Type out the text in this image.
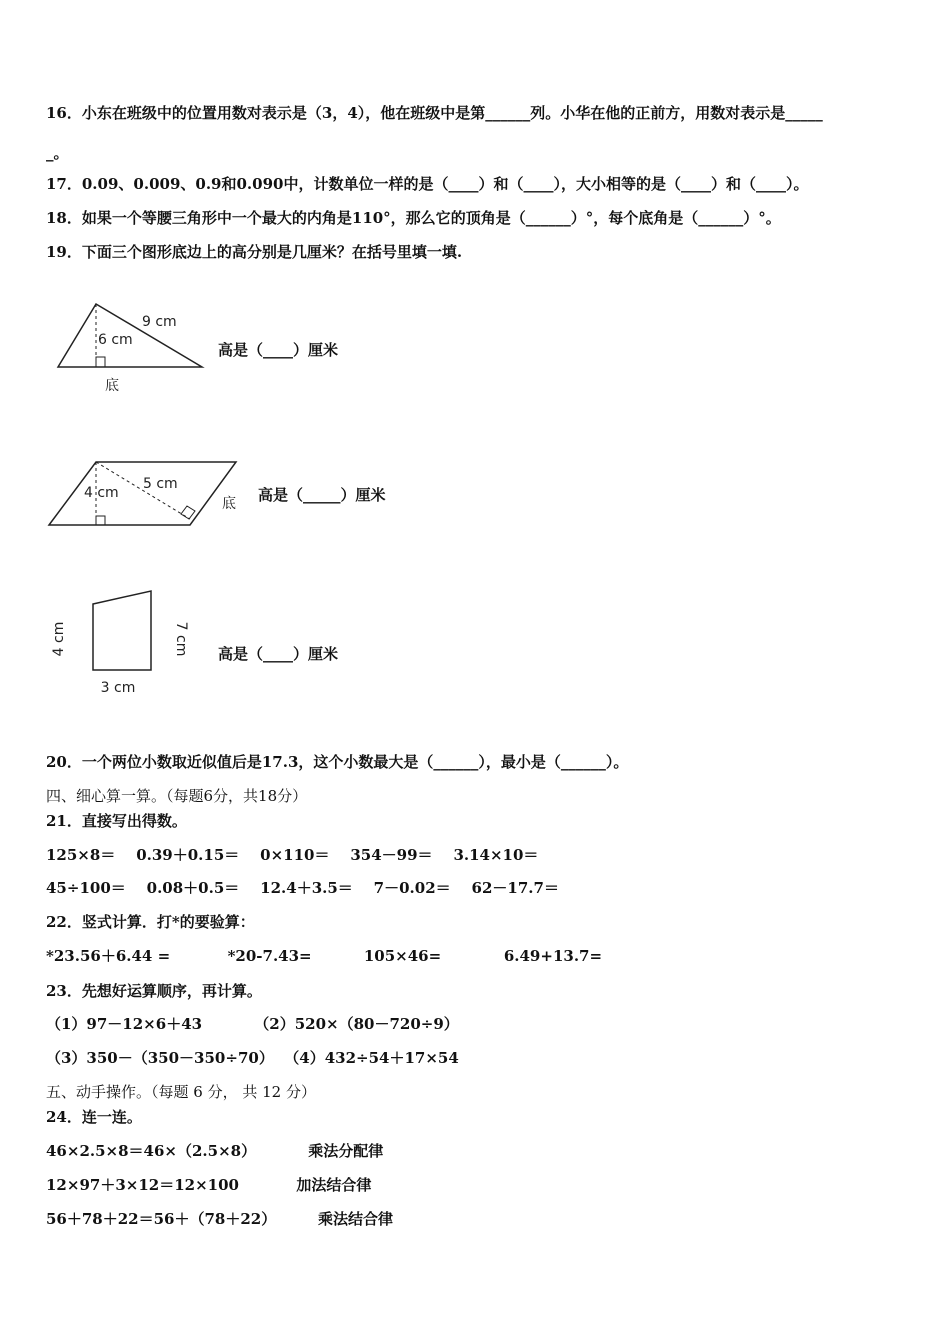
16．小东在班级中的位置用数对表示是（3，4），他在班级中是第______列。小华在他的正前方，用数对表示是_____
_。
17．0.09、0.009、0.9和0.090中，计数单位一样的是（____）和（____），大小相等的是（____）和（____）。
18．如果一个等腰三角形中一个最大的内角是110°，那么它的顶角是（______）°，每个底角是（______）°。
19．下面三个图形底边上的高分别是几厘米？在括号里填一填.
9 cm
6 cm
底
高是（____）厘米
5 cm
4 cm
底 高是（_____）厘米
4 cm	7 cm
3 cm
高是（____）厘米
20．一个两位小数取近似值后是17.3，这个小数最大是（______），最小是（______）。
四、细心算一算。（每题6分，共18分）
21．直接写出得数。
125×8＝    0.39＋0.15＝    0×110＝    354－99＝    3.14×10＝
45÷100＝    0.08＋0.5＝    12.4＋3.5＝    7－0.02＝    62－17.7＝
22．竖式计算．打*的要验算：
*23.56＋6.44 =           *20-7.43=          105×46=            6.49+13.7=
23．先想好运算顺序，再计算。
（1）97－12×6＋43          （2）520×（80－720÷9）
（3）350－（350－350÷70）  （4）432÷54＋17×54
五、动手操作。（每题 6 分， 共 12 分）
24．连一连。
46×2.5×8＝46×（2.5×8）          乘法分配律
12×97＋3×12＝12×100           加法结合律
56＋78＋22＝56＋（78＋22）        乘法结合律
